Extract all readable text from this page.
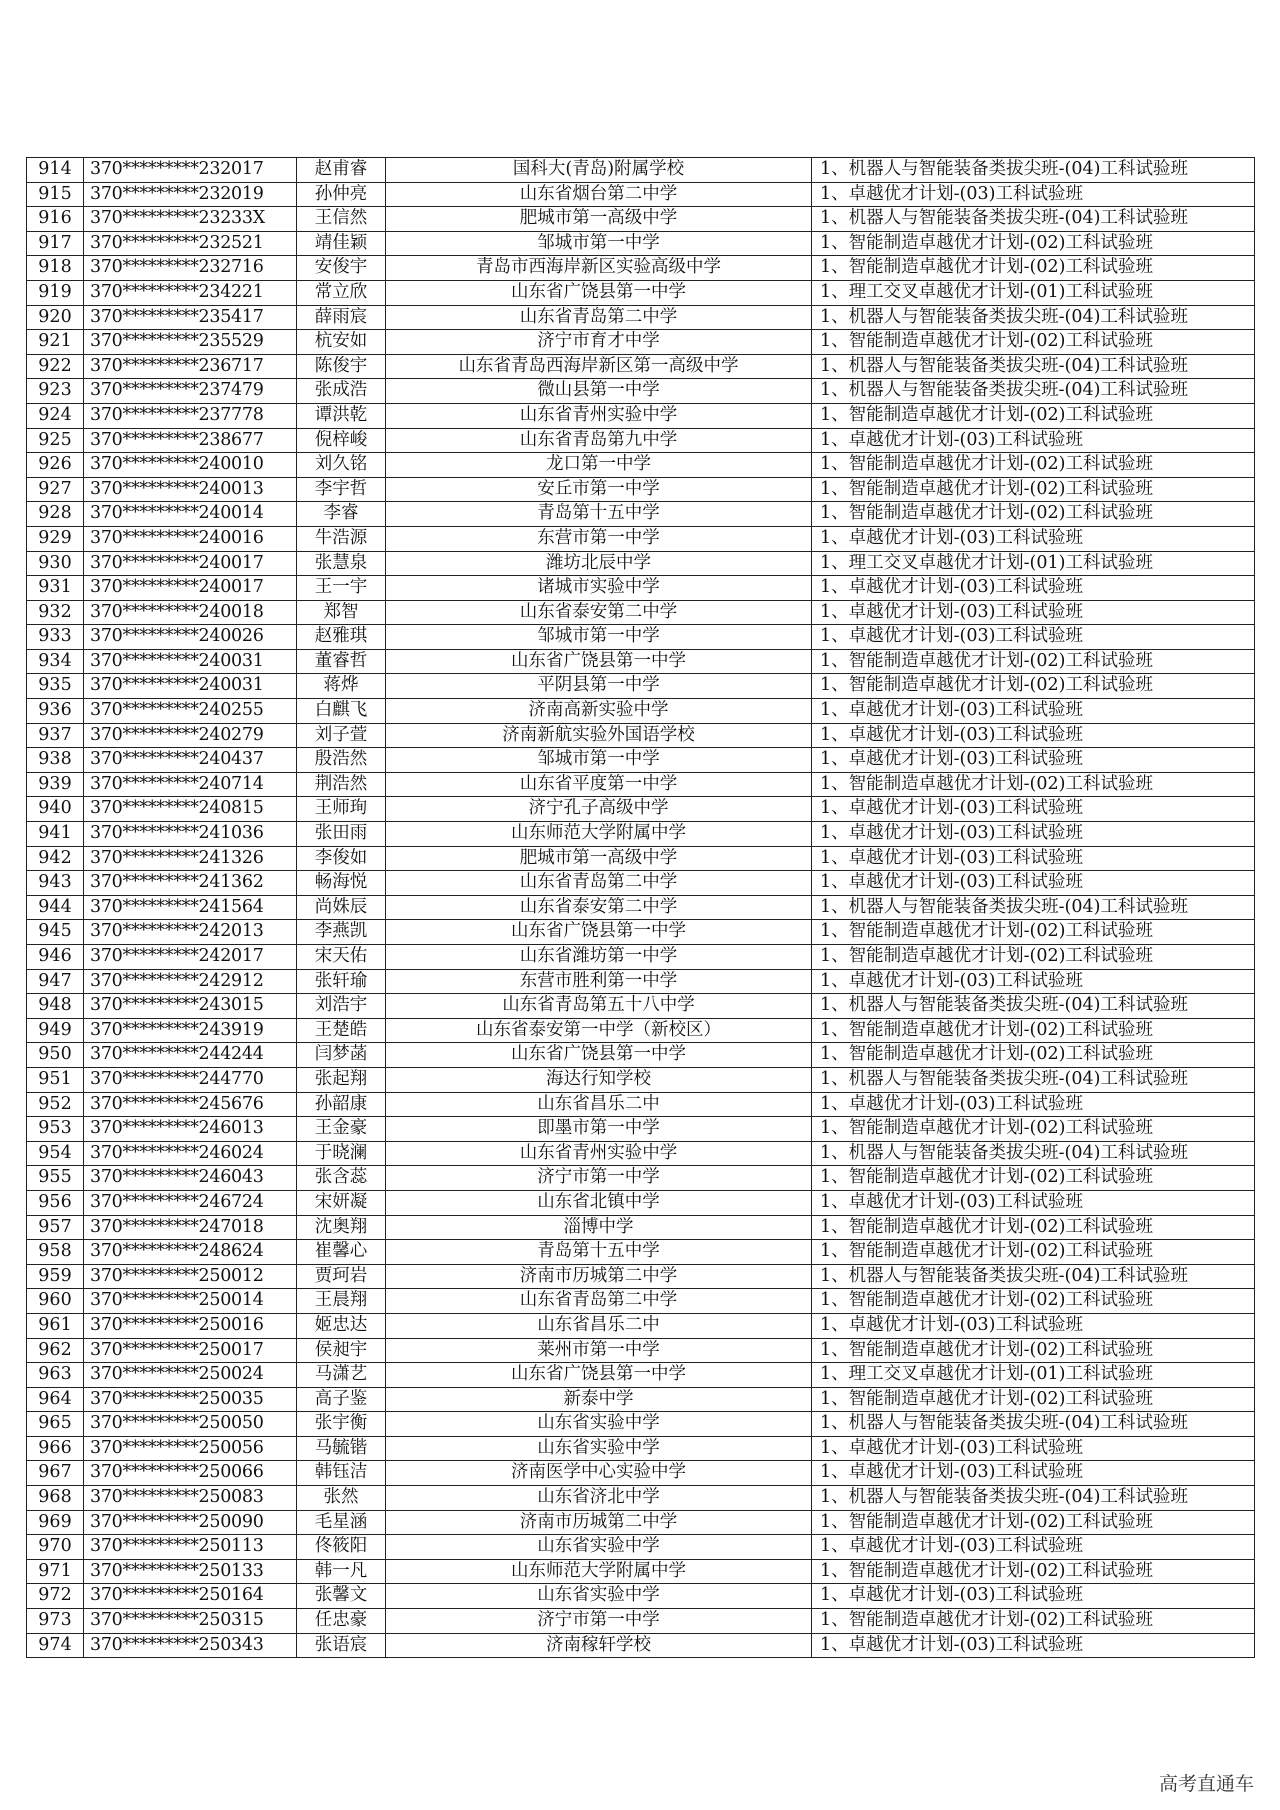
914	370*********232017	赵甫睿	国科大(青岛)附属学校	1、机器人与智能装备类拔尖班-(04)工科试验班
915	370*********232019	孙仲亮	山东省烟台第二中学	1、卓越优才计划-(03)工科试验班
916	370*********23233X	王信然	肥城市第一高级中学	1、机器人与智能装备类拔尖班-(04)工科试验班
917	370*********232521	靖佳颖	邹城市第一中学	1、智能制造卓越优才计划-(02)工科试验班
918	370*********232716	安俊宇	青岛市西海岸新区实验高级中学	1、智能制造卓越优才计划-(02)工科试验班
919	370*********234221	常立欣	山东省广饶县第一中学	1、理工交叉卓越优才计划-(01)工科试验班
920	370*********235417	薛雨宸	山东省青岛第二中学	1、机器人与智能装备类拔尖班-(04)工科试验班
921	370*********235529	杭安如	济宁市育才中学	1、智能制造卓越优才计划-(02)工科试验班
922	370*********236717	陈俊宇	山东省青岛西海岸新区第一高级中学	1、机器人与智能装备类拔尖班-(04)工科试验班
923	370*********237479	张成浩	微山县第一中学	1、机器人与智能装备类拔尖班-(04)工科试验班
924	370*********237778	谭洪乾	山东省青州实验中学	1、智能制造卓越优才计划-(02)工科试验班
925	370*********238677	倪梓峻	山东省青岛第九中学	1、卓越优才计划-(03)工科试验班
926	370*********240010	刘久铭	龙口第一中学	1、智能制造卓越优才计划-(02)工科试验班
927	370*********240013	李宇哲	安丘市第一中学	1、智能制造卓越优才计划-(02)工科试验班
928	370*********240014	李睿	青岛第十五中学	1、智能制造卓越优才计划-(02)工科试验班
929	370*********240016	牛浩源	东营市第一中学	1、卓越优才计划-(03)工科试验班
930	370*********240017	张慧泉	潍坊北辰中学	1、理工交叉卓越优才计划-(01)工科试验班
931	370*********240017	王一宇	诸城市实验中学	1、卓越优才计划-(03)工科试验班
932	370*********240018	郑智	山东省泰安第二中学	1、卓越优才计划-(03)工科试验班
933	370*********240026	赵雅琪	邹城市第一中学	1、卓越优才计划-(03)工科试验班
934	370*********240031	董睿哲	山东省广饶县第一中学	1、智能制造卓越优才计划-(02)工科试验班
935	370*********240031	蒋烨	平阴县第一中学	1、智能制造卓越优才计划-(02)工科试验班
936	370*********240255	白麒飞	济南高新实验中学	1、卓越优才计划-(03)工科试验班
937	370*********240279	刘子萱	济南新航实验外国语学校	1、卓越优才计划-(03)工科试验班
938	370*********240437	殷浩然	邹城市第一中学	1、卓越优才计划-(03)工科试验班
939	370*********240714	荆浩然	山东省平度第一中学	1、智能制造卓越优才计划-(02)工科试验班
940	370*********240815	王师珣	济宁孔子高级中学	1、卓越优才计划-(03)工科试验班
941	370*********241036	张田雨	山东师范大学附属中学	1、卓越优才计划-(03)工科试验班
942	370*********241326	李俊如	肥城市第一高级中学	1、卓越优才计划-(03)工科试验班
943	370*********241362	畅海悦	山东省青岛第二中学	1、卓越优才计划-(03)工科试验班
944	370*********241564	尚姝辰	山东省泰安第二中学	1、机器人与智能装备类拔尖班-(04)工科试验班
945	370*********242013	李燕凯	山东省广饶县第一中学	1、智能制造卓越优才计划-(02)工科试验班
946	370*********242017	宋天佑	山东省潍坊第一中学	1、智能制造卓越优才计划-(02)工科试验班
947	370*********242912	张轩瑜	东营市胜利第一中学	1、卓越优才计划-(03)工科试验班
948	370*********243015	刘浩宇	山东省青岛第五十八中学	1、机器人与智能装备类拔尖班-(04)工科试验班
949	370*********243919	王楚皓	山东省泰安第一中学（新校区）	1、智能制造卓越优才计划-(02)工科试验班
950	370*********244244	闫梦菡	山东省广饶县第一中学	1、智能制造卓越优才计划-(02)工科试验班
951	370*********244770	张起翔	海达行知学校	1、机器人与智能装备类拔尖班-(04)工科试验班
952	370*********245676	孙韶康	山东省昌乐二中	1、卓越优才计划-(03)工科试验班
953	370*********246013	王金豪	即墨市第一中学	1、智能制造卓越优才计划-(02)工科试验班
954	370*********246024	于晓澜	山东省青州实验中学	1、机器人与智能装备类拔尖班-(04)工科试验班
955	370*********246043	张含蕊	济宁市第一中学	1、智能制造卓越优才计划-(02)工科试验班
956	370*********246724	宋妍凝	山东省北镇中学	1、卓越优才计划-(03)工科试验班
957	370*********247018	沈奥翔	淄博中学	1、智能制造卓越优才计划-(02)工科试验班
958	370*********248624	崔馨心	青岛第十五中学	1、智能制造卓越优才计划-(02)工科试验班
959	370*********250012	贾珂岩	济南市历城第二中学	1、机器人与智能装备类拔尖班-(04)工科试验班
960	370*********250014	王晨翔	山东省青岛第二中学	1、智能制造卓越优才计划-(02)工科试验班
961	370*********250016	姬忠达	山东省昌乐二中	1、卓越优才计划-(03)工科试验班
962	370*********250017	侯昶宇	莱州市第一中学	1、智能制造卓越优才计划-(02)工科试验班
963	370*********250024	马潇艺	山东省广饶县第一中学	1、理工交叉卓越优才计划-(01)工科试验班
964	370*********250035	高子鉴	新泰中学	1、智能制造卓越优才计划-(02)工科试验班
965	370*********250050	张宇衡	山东省实验中学	1、机器人与智能装备类拔尖班-(04)工科试验班
966	370*********250056	马毓锴	山东省实验中学	1、卓越优才计划-(03)工科试验班
967	370*********250066	韩钰洁	济南医学中心实验中学	1、卓越优才计划-(03)工科试验班
968	370*********250083	张然	山东省济北中学	1、机器人与智能装备类拔尖班-(04)工科试验班
969	370*********250090	毛星涵	济南市历城第二中学	1、智能制造卓越优才计划-(02)工科试验班
970	370*********250113	佟筱阳	山东省实验中学	1、卓越优才计划-(03)工科试验班
971	370*********250133	韩一凡	山东师范大学附属中学	1、智能制造卓越优才计划-(02)工科试验班
972	370*********250164	张馨文	山东省实验中学	1、卓越优才计划-(03)工科试验班
973	370*********250315	任忠豪	济宁市第一中学	1、智能制造卓越优才计划-(02)工科试验班
974	370*********250343	张语宸	济南稼轩学校	1、卓越优才计划-(03)工科试验班
高考直通车
